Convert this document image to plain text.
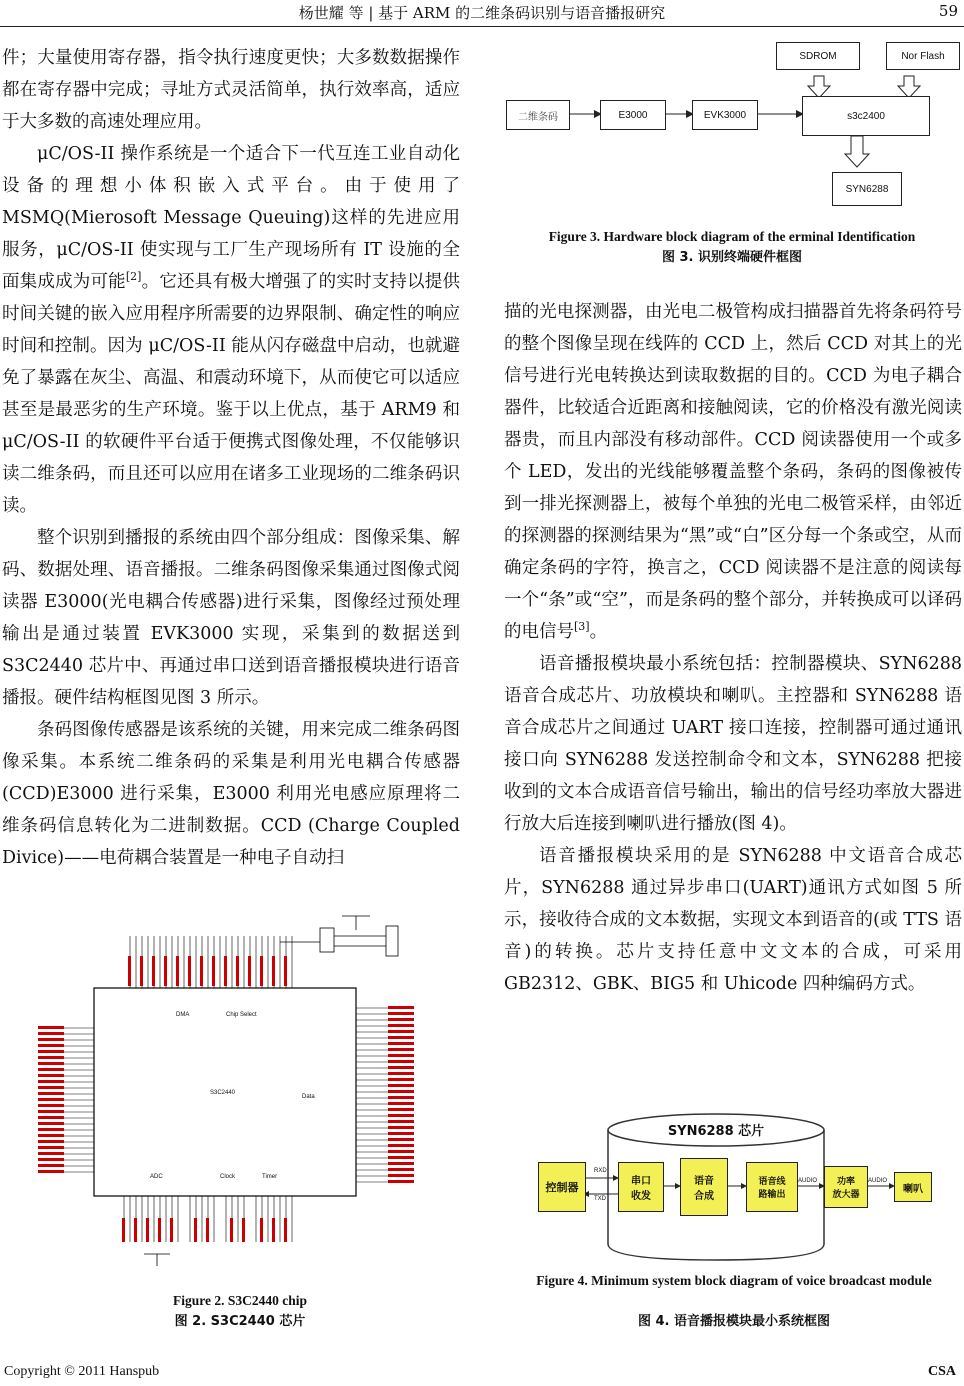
杨世耀 等 | 基于 ARM 的二维条码识别与语音播报研究	59

件；大量使用寄存器，指令执行速度更快；大多数数据操作都在寄存器中完成；寻址方式灵活简单，执行效率高，适应于大多数的高速处理应用。

μC/OS-II 操作系统是一个适合下一代互连工业自动化设备的理想小体积嵌入式平台。由于使用了 MSMQ(Mierosoft Message Queuing)这样的先进应用服务，μC/OS-II 使实现与工厂生产现场所有 IT 设施的全面集成成为可能[2]。它还具有极大增强了的实时支持以提供时间关键的嵌入应用程序所需要的边界限制、确定性的响应时间和控制。因为 μC/OS-II 能从闪存磁盘中启动，也就避免了暴露在灰尘、高温、和震动环境下，从而使它可以适应甚至是最恶劣的生产环境。鉴于以上优点，基于 ARM9 和 μC/OS-II 的软硬件平台适于便携式图像处理，不仅能够识读二维条码，而且还可以应用在诸多工业现场的二维条码识读。

整个识别到播报的系统由四个部分组成：图像采集、解码、数据处理、语音播报。二维条码图像采集通过图像式阅读器 E3000(光电耦合传感器)进行采集，图像经过预处理输出是通过装置 EVK3000 实现，采集到的数据送到 S3C2440 芯片中、再通过串口送到语音播报模块进行语音播报。硬件结构框图见图 3 所示。

条码图像传感器是该系统的关键，用来完成二维条码图像采集。本系统二维条码的采集是利用光电耦合传感器(CCD)E3000 进行采集，E3000 利用光电感应原理将二维条码信息转化为二进制数据。CCD (Charge Coupled Divice)——电荷耦合装置是一种电子自动扫

SDROM	Nor Flash
二维条码	E3000	EVK3000	s3c2400
SYN6288
Figure 3. Hardware block diagram of the erminal Identification
图 3. 识别终端硬件框图

描的光电探测器，由光电二极管构成扫描器首先将条码符号的整个图像呈现在线阵的 CCD 上，然后 CCD 对其上的光信号进行光电转换达到读取数据的目的。CCD 为电子耦合器件，比较适合近距离和接触阅读，它的价格没有激光阅读器贵，而且内部没有移动部件。CCD 阅读器使用一个或多个 LED，发出的光线能够覆盖整个条码，条码的图像被传到一排光探测器上，被每个单独的光电二极管采样，由邻近的探测器的探测结果为“黑”或“白”区分每一个条或空，从而确定条码的字符，换言之，CCD 阅读器不是注意的阅读每一个“条”或“空”，而是条码的整个部分，并转换成可以译码的电信号[3]。

语音播报模块最小系统包括：控制器模块、SYN6288 语音合成芯片、功放模块和喇叭。主控器和 SYN6288 语音合成芯片之间通过 UART 接口连接，控制器可通过通讯接口向 SYN6288 发送控制命令和文本，SYN6288 把接收到的文本合成语音信号输出，输出的信号经功率放大器进行放大后连接到喇叭进行播放(图 4)。

语音播报模块采用的是 SYN6288 中文语音合成芯片，SYN6288 通过异步串口(UART)通讯方式如图 5 所示，接收待合成的文本数据，实现文本到语音的(或 TTS 语音)的转换。芯片支持任意中文文本的合成，可采用 GB2312、GBK、BIG5 和 Uhicode 四种编码方式。

S3C2440
DMA	Chip Select
Data
ADC	Clock	Timer
Figure 2. S3C2440 chip
图 2. S3C2440 芯片
SYN6288 芯片
控制器	串口
收发
语音
合成
语音线
路输出
功率
放大器
喇叭
RXD
TXD
AUDIO	AUDIO
Figure 4. Minimum system block diagram of voice broadcast module
图 4. 语音播报模块最小系统框图
Copyright © 2011 Hanspub	CSA
